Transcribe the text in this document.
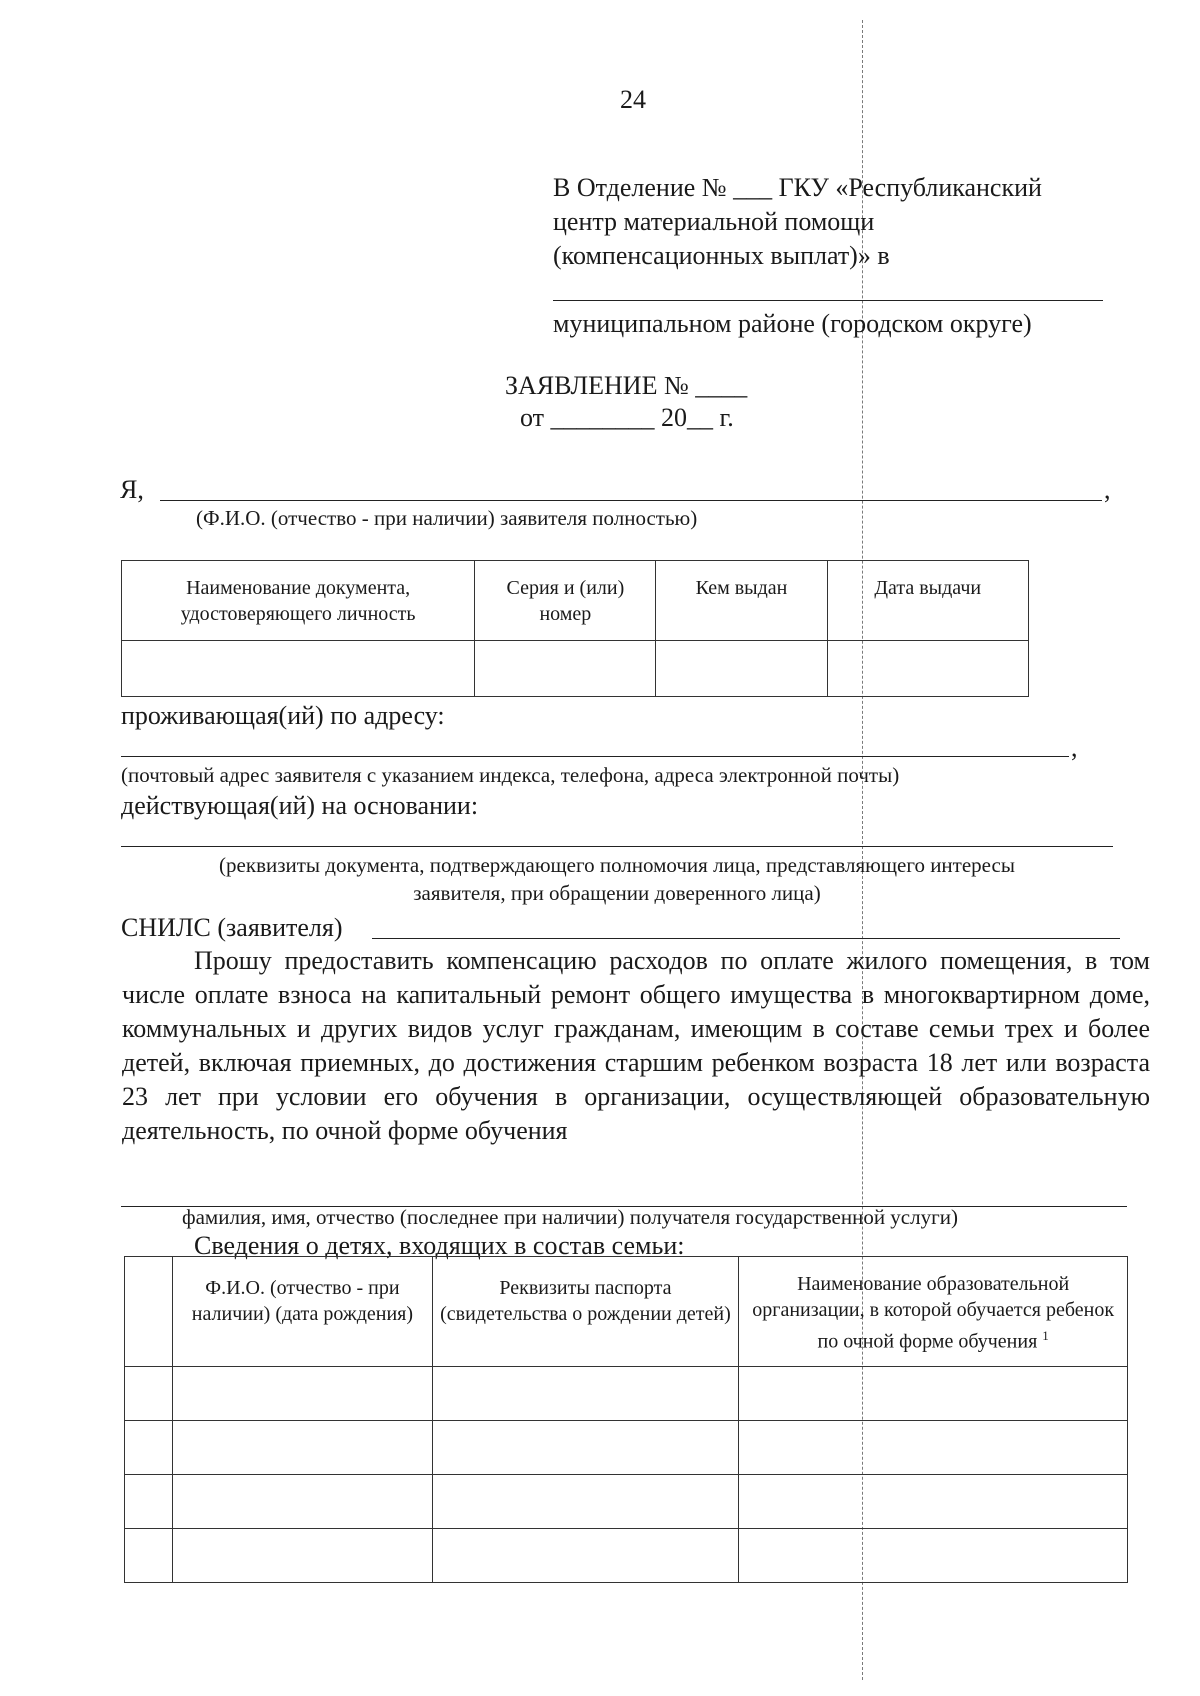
24
В Отделение № ___ ГКУ «Республиканский
центр материальной помощи
(компенсационных выплат)» в
муниципальном районе (городском округе)
ЗАЯВЛЕНИЕ № ____
от ________ 20__ г.
Я,	,
(Ф.И.О. (отчество - при наличии) заявителя полностью)
Наименование документа, удостоверяющего личность	Серия и (или) номер	Кем выдан	Дата выдачи

проживающая(ий) по адресу:
,
(почтовый адрес заявителя с указанием индекса, телефона, адреса электронной почты)
действующая(ий) на основании:
(реквизиты документа, подтверждающего полномочия лица, представляющего интересы
заявителя, при обращении доверенного лица)
СНИЛС (заявителя)
Прошу предоставить компенсацию расходов по оплате жилого помещения, в том числе оплате взноса на капитальный ремонт общего имущества в многоквартирном доме, коммунальных и других видов услуг гражданам, имеющим в составе семьи трех и более детей, включая приемных, до достижения старшим ребенком возраста 18 лет или возраста 23 лет при условии его обучения в организации, осуществляющей образовательную деятельность, по очной форме обучения
фамилия, имя, отчество (последнее при наличии) получателя государственной услуги)
Сведения о детях, входящих в состав семьи:
	Ф.И.О. (отчество - при наличии) (дата рождения)	Реквизиты паспорта (свидетельства о рождении детей)	Наименование образовательной организации, в которой обучается ребенок по очной форме обучения $^1$
